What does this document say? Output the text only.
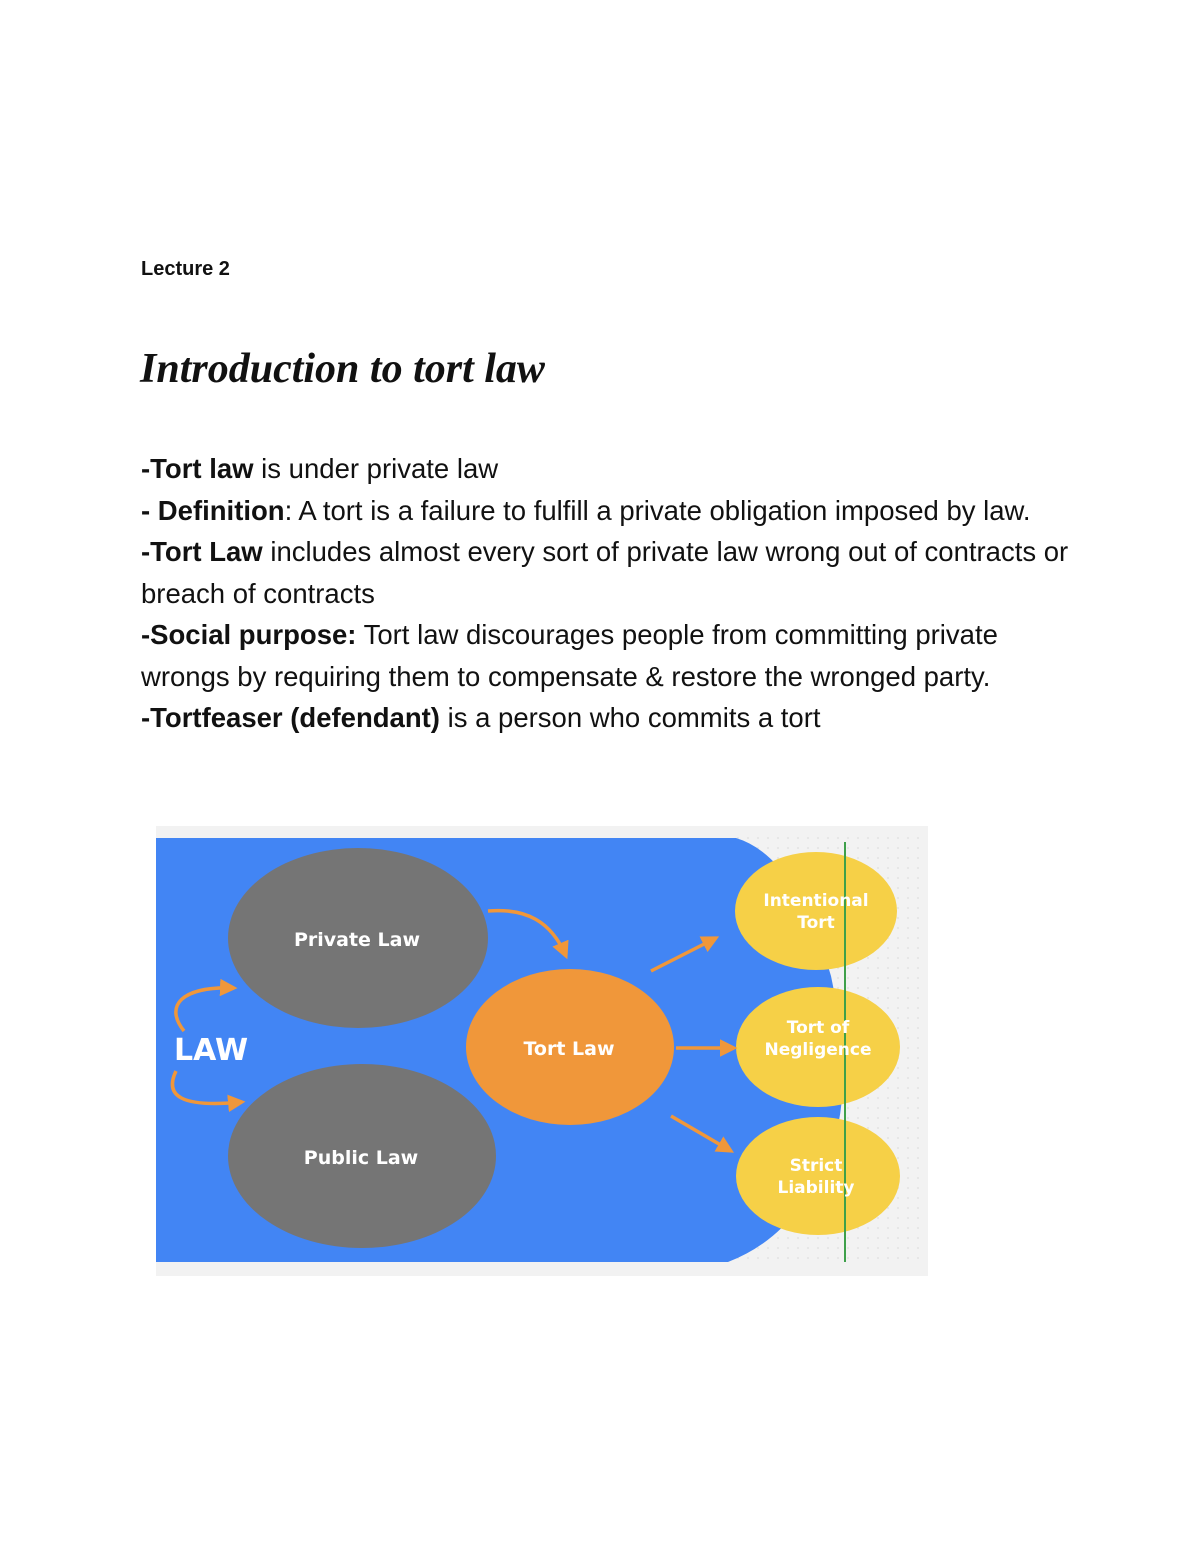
Lecture 2
Introduction to tort law

-Tort law is under private law

- Definition: A tort is a failure to fulfill a private obligation imposed by law.

-Tort Law includes almost every sort of private law wrong out of contracts or breach of contracts

-Social purpose: Tort law discourages people from committing private wrongs by requiring them to compensate & restore the wronged party.

-Tortfeaser (defendant) is a person who commits a tort

LAW
Private Law
Public Law
Tort Law
Intentional
Tort
Tort of
Negligence
Strict
Liability
